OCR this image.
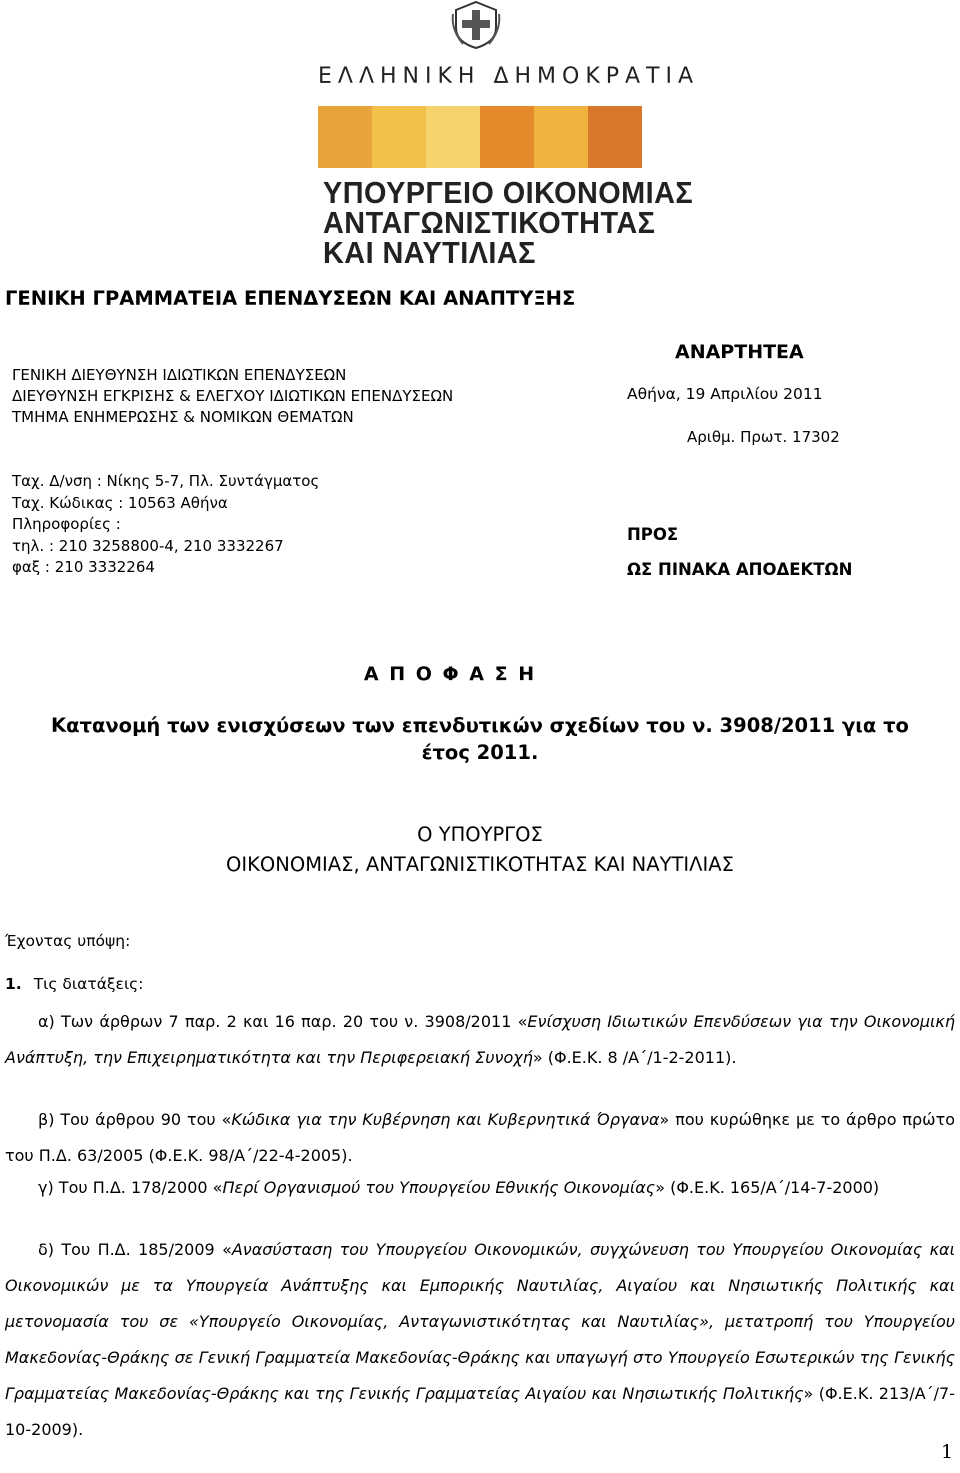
ΕΛΛΗΝΙΚΗ ΔΗΜΟΚΡΑΤΙΑ
ΥΠΟΥΡΓΕΙΟ ΟΙΚΟΝΟΜΙΑΣ
ΑΝΤΑΓΩΝΙΣΤΙΚΟΤΗΤΑΣ
ΚΑΙ ΝΑΥΤΙΛΙΑΣ
ΓΕΝΙΚΗ ΓΡΑΜΜΑΤΕΙΑ ΕΠΕΝΔΥΣΕΩΝ ΚΑΙ ΑΝΑΠΤΥΞΗΣ
ΓΕΝΙΚΗ ΔΙΕΥΘΥΝΣΗ ΙΔΙΩΤΙΚΩΝ ΕΠΕΝΔΥΣΕΩΝ
ΔΙΕΥΘΥΝΣΗ ΕΓΚΡΙΣΗΣ & ΕΛΕΓΧΟΥ ΙΔΙΩΤΙΚΩΝ ΕΠΕΝΔΥΣΕΩΝ
ΤΜΗΜΑ ΕΝΗΜΕΡΩΣΗΣ & ΝΟΜΙΚΩΝ ΘΕΜΑΤΩΝ
Ταχ. Δ/νση : Νίκης 5-7, Πλ. Συντάγματος
Ταχ. Κώδικας : 10563 Αθήνα
Πληροφορίες :
τηλ. : 210 3258800-4, 210 3332267
φαξ : 210 3332264
ΑΝΑΡΤΗΤΕΑ
Αθήνα, 19 Απριλίου 2011
Αριθμ. Πρωτ. 17302
ΠΡΟΣ
ΩΣ ΠΙΝΑΚΑ ΑΠΟΔΕΚΤΩΝ
Α Π Ο Φ Α Σ Η
Κατανομή των ενισχύσεων των επενδυτικών σχεδίων του ν. 3908/2011 για το
έτος 2011.
Ο ΥΠΟΥΡΓΟΣ
ΟΙΚΟΝΟΜΙΑΣ, ΑΝΤΑΓΩΝΙΣΤΙΚΟΤΗΤΑΣ ΚΑΙ ΝΑΥΤΙΛΙΑΣ
Έχοντας υπόψη:
1. Τις διατάξεις:
α) Των άρθρων 7 παρ. 2 και 16 παρ. 20 του ν. 3908/2011 «Ενίσχυση Ιδιωτικών Επενδύσεων για την Οικονομική Ανάπτυξη, την Επιχειρηματικότητα και την Περιφερειακή Συνοχή» (Φ.Ε.Κ. 8 /Α΄/1-2-2011).
β) Του άρθρου 90 του «Κώδικα για την Κυβέρνηση και Κυβερνητικά Όργανα» που κυρώθηκε με το άρθρο πρώτο του Π.Δ. 63/2005 (Φ.Ε.Κ. 98/Α΄/22-4-2005).
γ) Του Π.Δ. 178/2000 «Περί Οργανισμού του Υπουργείου Εθνικής Οικονομίας» (Φ.Ε.Κ. 165/Α΄/14-7-2000)
δ) Του Π.Δ. 185/2009 «Ανασύσταση του Υπουργείου Οικονομικών, συγχώνευση του Υπουργείου Οικονομίας και Οικονομικών με τα Υπουργεία Ανάπτυξης και Εμπορικής Ναυτιλίας, Αιγαίου και Νησιωτικής Πολιτικής και μετονομασία του σε «Υπουργείο Οικονομίας, Ανταγωνιστικότητας και Ναυτιλίας», μετατροπή του Υπουργείου Μακεδονίας-Θράκης σε Γενική Γραμματεία Μακεδονίας-Θράκης και υπαγωγή στο Υπουργείο Εσωτερικών της Γενικής Γραμματείας Μακεδονίας-Θράκης και της Γενικής Γραμματείας Αιγαίου και Νησιωτικής Πολιτικής» (Φ.Ε.Κ. 213/Α΄/7-10-2009).
1
